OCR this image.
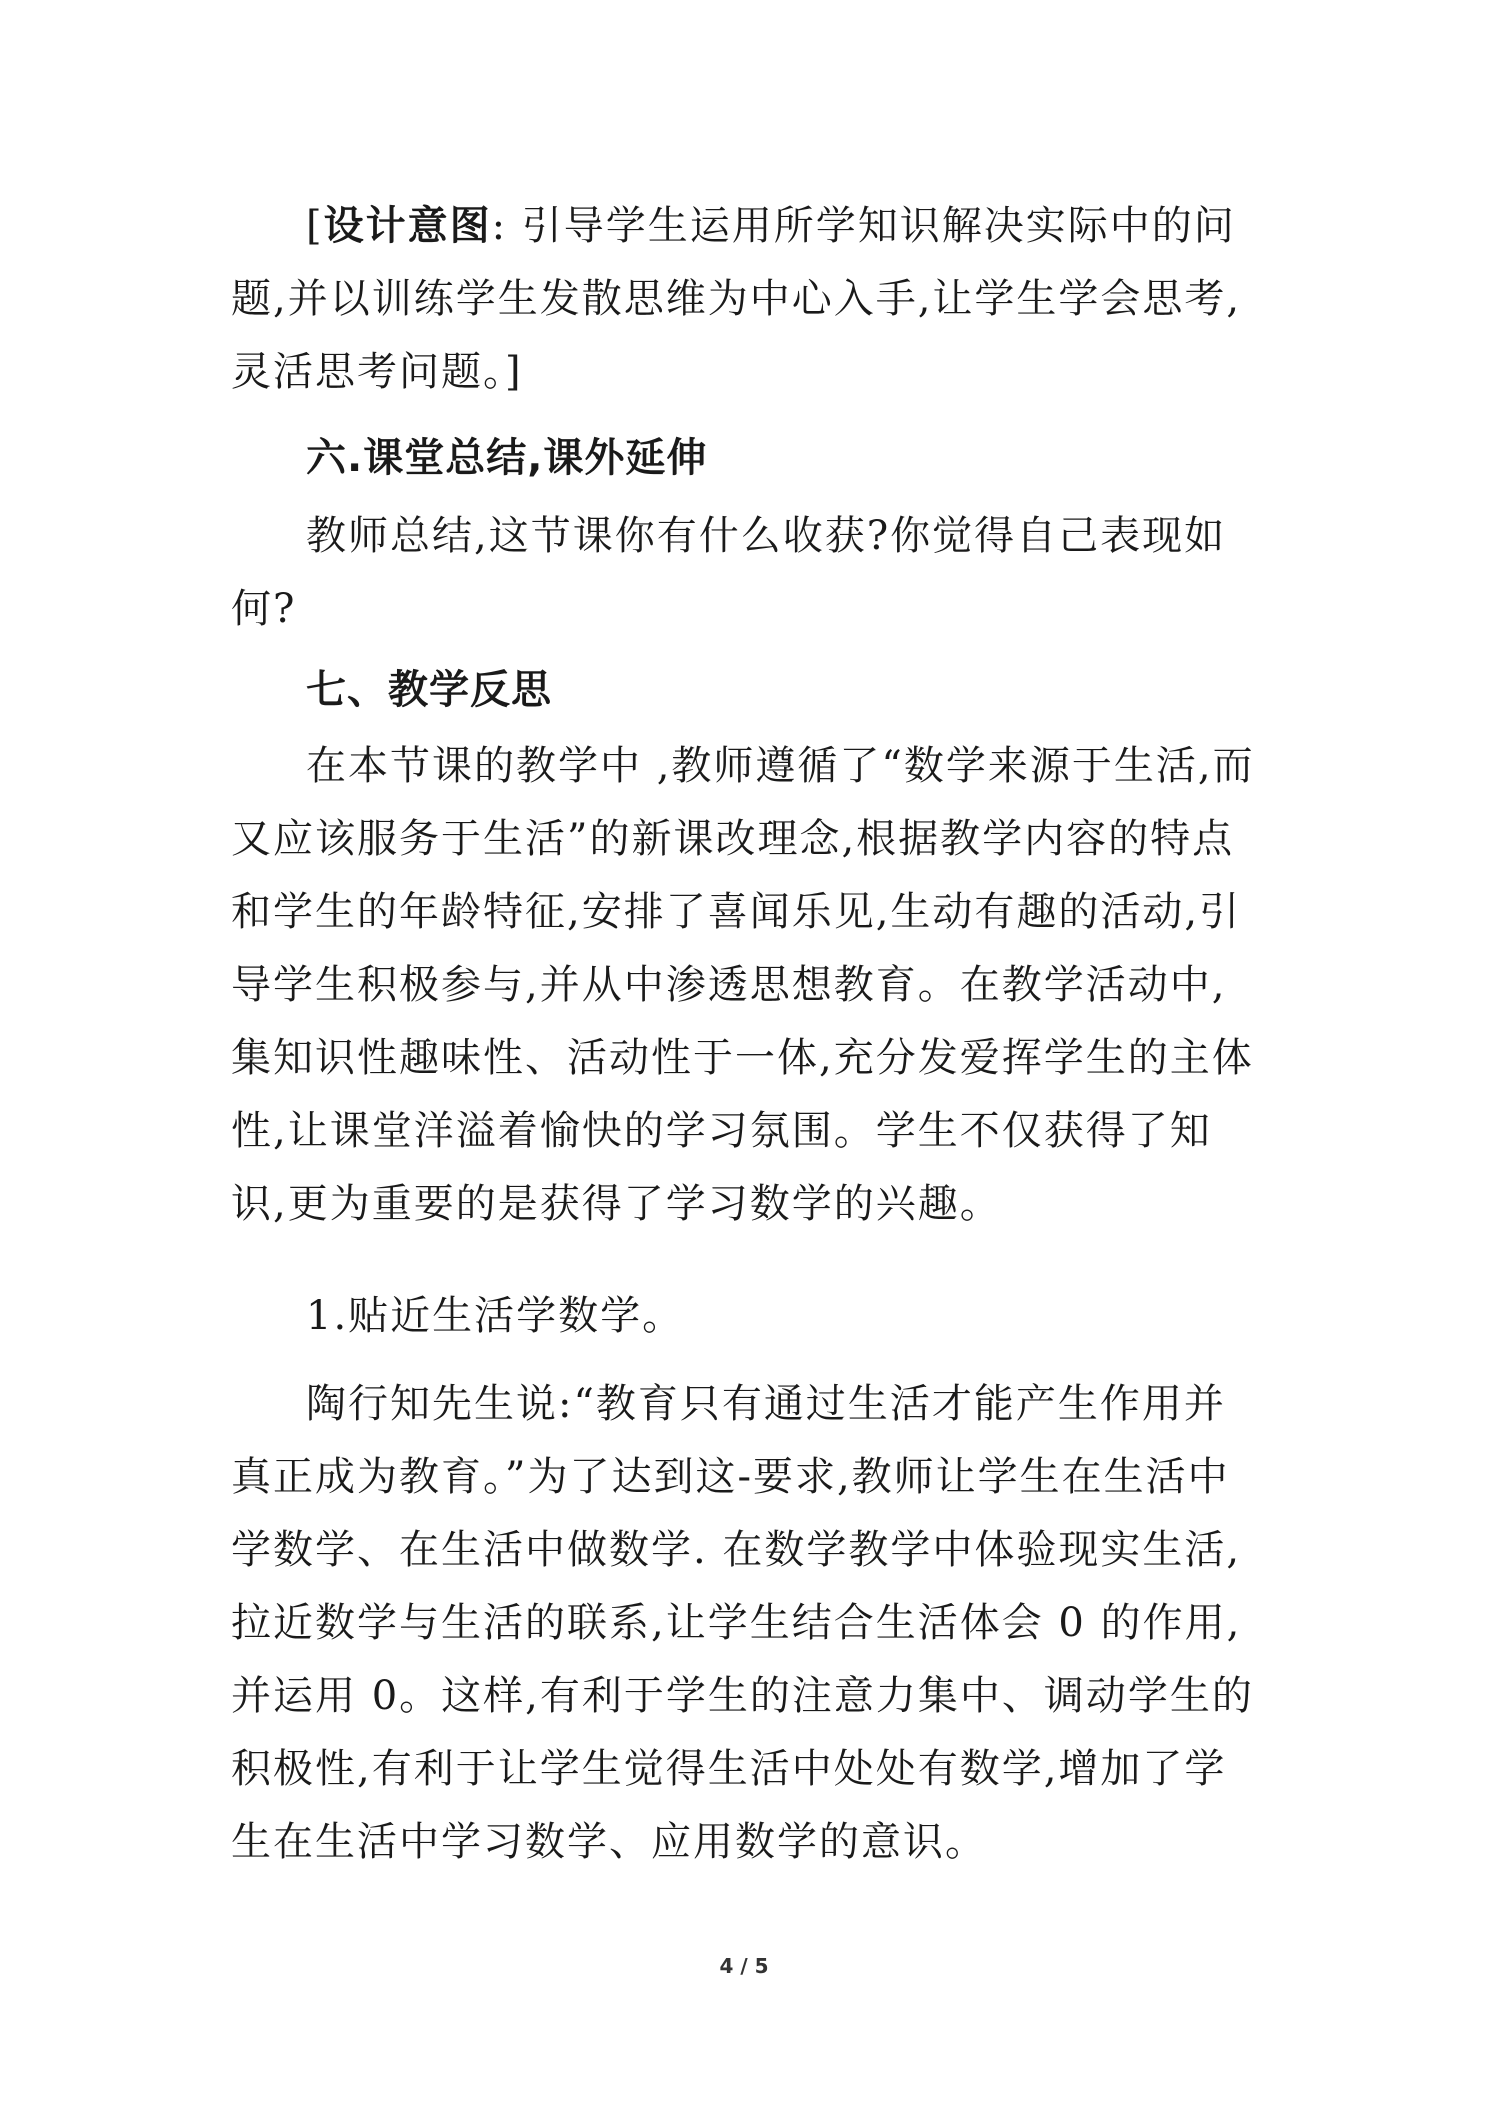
[设计意图: 引导学生运用所学知识解决实际中的问题,并以训练学生发散思维为中心入手,让学生学会思考,灵活思考问题。]

六.课堂总结,课外延伸

教师总结,这节课你有什么收获?你觉得自己表现如 何?

七、教学反思

在本节课的教学中 ,教师遵循了“数学来源于生活,而又应该服务于生活”的新课改理念,根据教学内容的特点和学生的年龄特征,安排了喜闻乐见,生动有趣的活动,引导学生积极参与,并从中渗透思想教育。在教学活动中,集知识性趣味性、活动性于一体,充分发爱挥学生的主体性,让课堂洋溢着愉快的学习氛围。学生不仅获得了知识,更为重要的是获得了学习数学的兴趣。

1.贴近生活学数学。

陶行知先生说:“教育只有通过生活才能产生作用并真正成为教育。”为了达到这-要求,教师让学生在生活中学数学、在生活中做数学. 在数学教学中体验现实生活,拉近数学与生活的联系,让学生结合生活体会 0 的作用,并运用 0。这样,有利于学生的注意力集中、调动学生的积极性,有利于让学生觉得生活中处处有数学,增加了学生在生活中学习数学、应用数学的意识。

4 / 5
